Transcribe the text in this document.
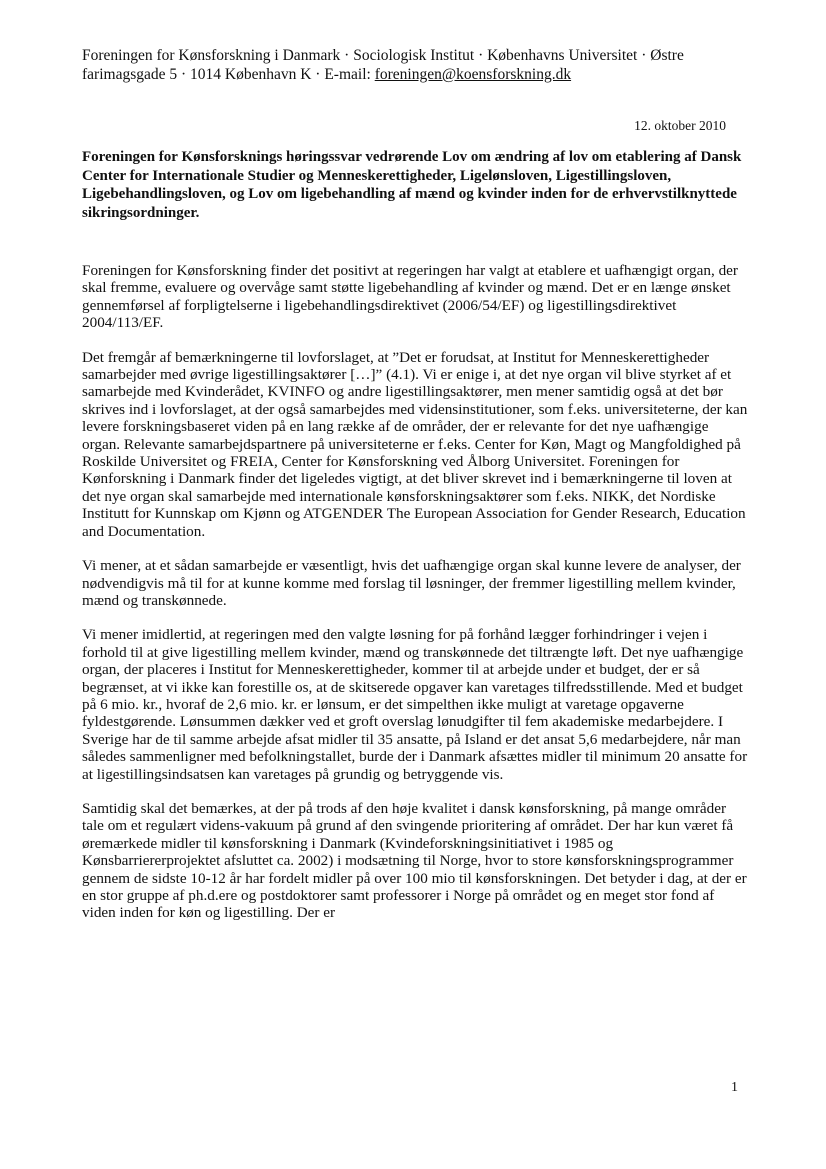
Foreningen for Kønsforskning i Danmark · Sociologisk Institut · Københavns Universitet · Østre
farimagsgade 5 · 1014 København K · E-mail: foreningen@koensforskning.dk
12. oktober 2010
Foreningen for Kønsforsknings høringssvar vedrørende Lov om ændring af lov om etablering af Dansk Center for Internationale Studier og Menneskerettigheder, Ligelønsloven, Ligestillingsloven, Ligebehandlingsloven, og Lov om ligebehandling af mænd og kvinder inden for de erhvervstilknyttede sikringsordninger.

Foreningen for Kønsforskning finder det positivt at regeringen har valgt at etablere et uafhængigt organ, der skal fremme, evaluere og overvåge samt støtte ligebehandling af kvinder og mænd. Det er en længe ønsket gennemførsel af forpligtelserne i ligebehandlingsdirektivet (2006/54/EF) og ligestillingsdirektivet 2004/113/EF.

Det fremgår af bemærkningerne til lovforslaget, at ”Det er forudsat, at Institut for Menneskerettigheder samarbejder med øvrige ligestillingsaktører […]” (4.1). Vi er enige i, at det nye organ vil blive styrket af et samarbejde med Kvinderådet, KVINFO og andre ligestillingsaktører, men mener samtidig også at det bør skrives ind i lovforslaget, at der også samarbejdes med vidensinstitutioner, som f.eks. universiteterne, der kan levere forskningsbaseret viden på en lang række af de områder, der er relevante for det nye uafhængige organ. Relevante samarbejdspartnere på universiteterne er f.eks. Center for Køn, Magt og Mangfoldighed på Roskilde Universitet og FREIA, Center for Kønsforskning ved Ålborg Universitet. Foreningen for Kønforskning i Danmark finder det ligeledes vigtigt, at det bliver skrevet ind i bemærkningerne til loven at det nye organ skal samarbejde med internationale kønsforskningsaktører som f.eks. NIKK, det Nordiske Institutt for Kunnskap om Kjønn og ATGENDER The European Association for Gender Research, Education and Documentation.

Vi mener, at et sådan samarbejde er væsentligt, hvis det uafhængige organ skal kunne levere de analyser, der nødvendigvis må til for at kunne komme med forslag til løsninger, der fremmer ligestilling mellem kvinder, mænd og transkønnede.

Vi mener imidlertid, at regeringen med den valgte løsning for på forhånd lægger forhindringer i vejen i forhold til at give ligestilling mellem kvinder, mænd og transkønnede det tiltrængte løft. Det nye uafhængige organ, der placeres i Institut for Menneskerettigheder, kommer til at arbejde under et budget, der er så begrænset, at vi ikke kan forestille os, at de skitserede opgaver kan varetages tilfredsstillende. Med et budget på 6 mio. kr., hvoraf de 2,6 mio. kr. er lønsum, er det simpelthen ikke muligt at varetage opgaverne fyldestgørende. Lønsummen dækker ved et groft overslag lønudgifter til fem akademiske medarbejdere. I Sverige har de til samme arbejde afsat midler til 35 ansatte, på Island er det ansat 5,6 medarbejdere, når man således sammenligner med befolkningstallet, burde der i Danmark afsættes midler til minimum 20 ansatte for at ligestillingsindsatsen kan varetages på grundig og betryggende vis.

Samtidig skal det bemærkes, at der på trods af den høje kvalitet i dansk kønsforskning, på mange områder tale om et regulært videns-vakuum på grund af den svingende prioritering af området. Der har kun været få øremærkede midler til kønsforskning i Danmark (Kvindeforskningsinitiativet i 1985 og Kønsbarriererprojektet afsluttet ca. 2002) i modsætning til Norge, hvor to store kønsforskningsprogrammer gennem de sidste 10-12 år har fordelt midler på over 100 mio til kønsforskningen. Det betyder i dag, at der er en stor gruppe af ph.d.ere og postdoktorer samt professorer i Norge på området og en meget stor fond af viden inden for køn og ligestilling. Der er

1
